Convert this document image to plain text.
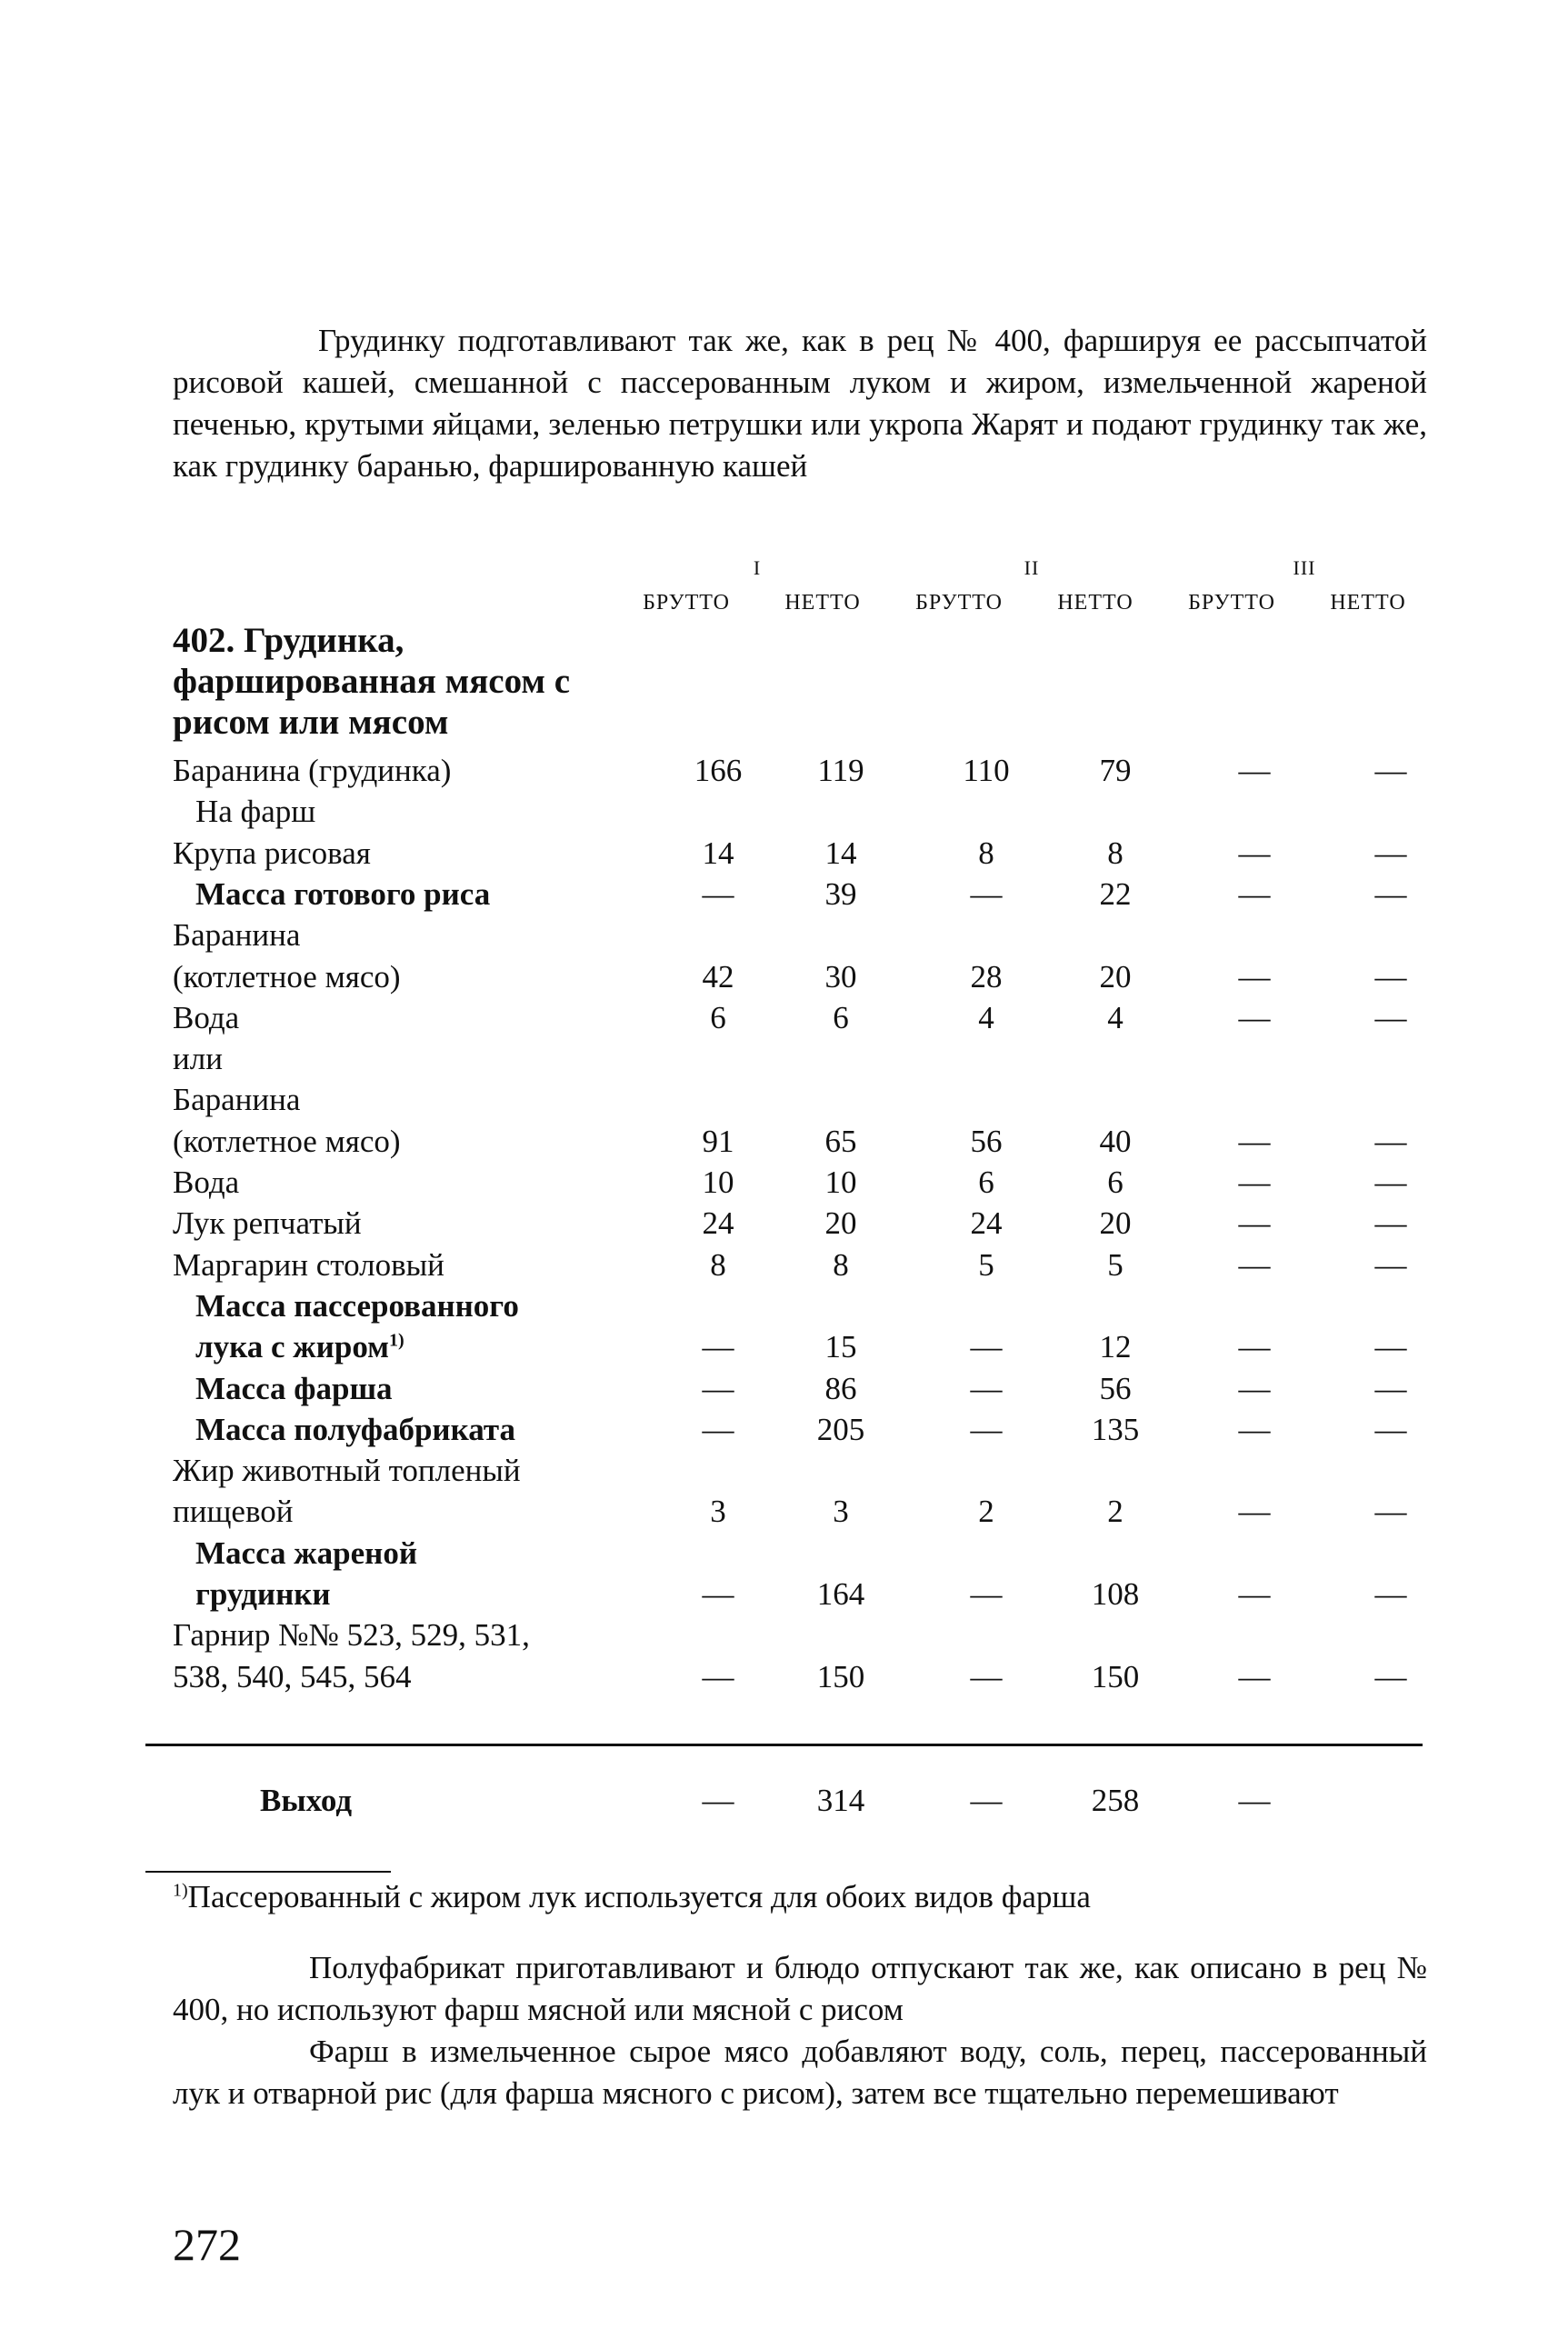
Грудинку подготавливают так же, как в рец № 400, фаршируя ее рассыпчатой рисовой кашей, смешанной с пассерованным луком и жиром, измельченной жареной печенью, крутыми яйцами, зеленью петрушки или укропа Жарят и подают грудинку так же, как грудинку баранью, фаршированную кашей

I	II	III
БРУТТО	НЕТТО	БРУТТО	НЕТТО	БРУТТО	НЕТТО
402. Грудинка, фаршированная мясом с рисом или мясом
Баранина (грудинка)	166	119	110	79	—	—
На фарш
Крупа рисовая	14	14	8	8	—	—
Масса готового риса	—	39	—	22	—	—
Баранина
(котлетное мясо)	42	30	28	20	—	—
Вода	6	6	4	4	—	—
или
Баранина
(котлетное мясо)	91	65	56	40	—	—
Вода	10	10	6	6	—	—
Лук репчатый	24	20	24	20	—	—
Маргарин столовый	8	8	5	5	—	—
Масса пассерованного
лука с жиром$^{1)}$	—	15	—	12	—	—
Масса фарша	—	86	—	56	—	—
Масса полуфабриката	—	205	—	135	—	—
Жир животный топленый
пищевой	3	3	2	2	—	—
Масса жареной
грудинки	—	164	—	108	—	—
Гарнир №№ 523, 529, 531,
538, 540, 545, 564	—	150	—	150	—	—
Выход	—	314	—	258	—
$^{1)}$Пассерованный с жиром лук используется для обоих видов фарша

Полуфабрикат приготавливают и блюдо отпускают так же, как описано в рец № 400, но используют фарш мясной или мясной с рисом

Фарш в измельченное сырое мясо добавляют воду, соль, перец, пассерованный лук и отварной рис (для фарша мясного с рисом), затем все тщательно перемешивают

272
